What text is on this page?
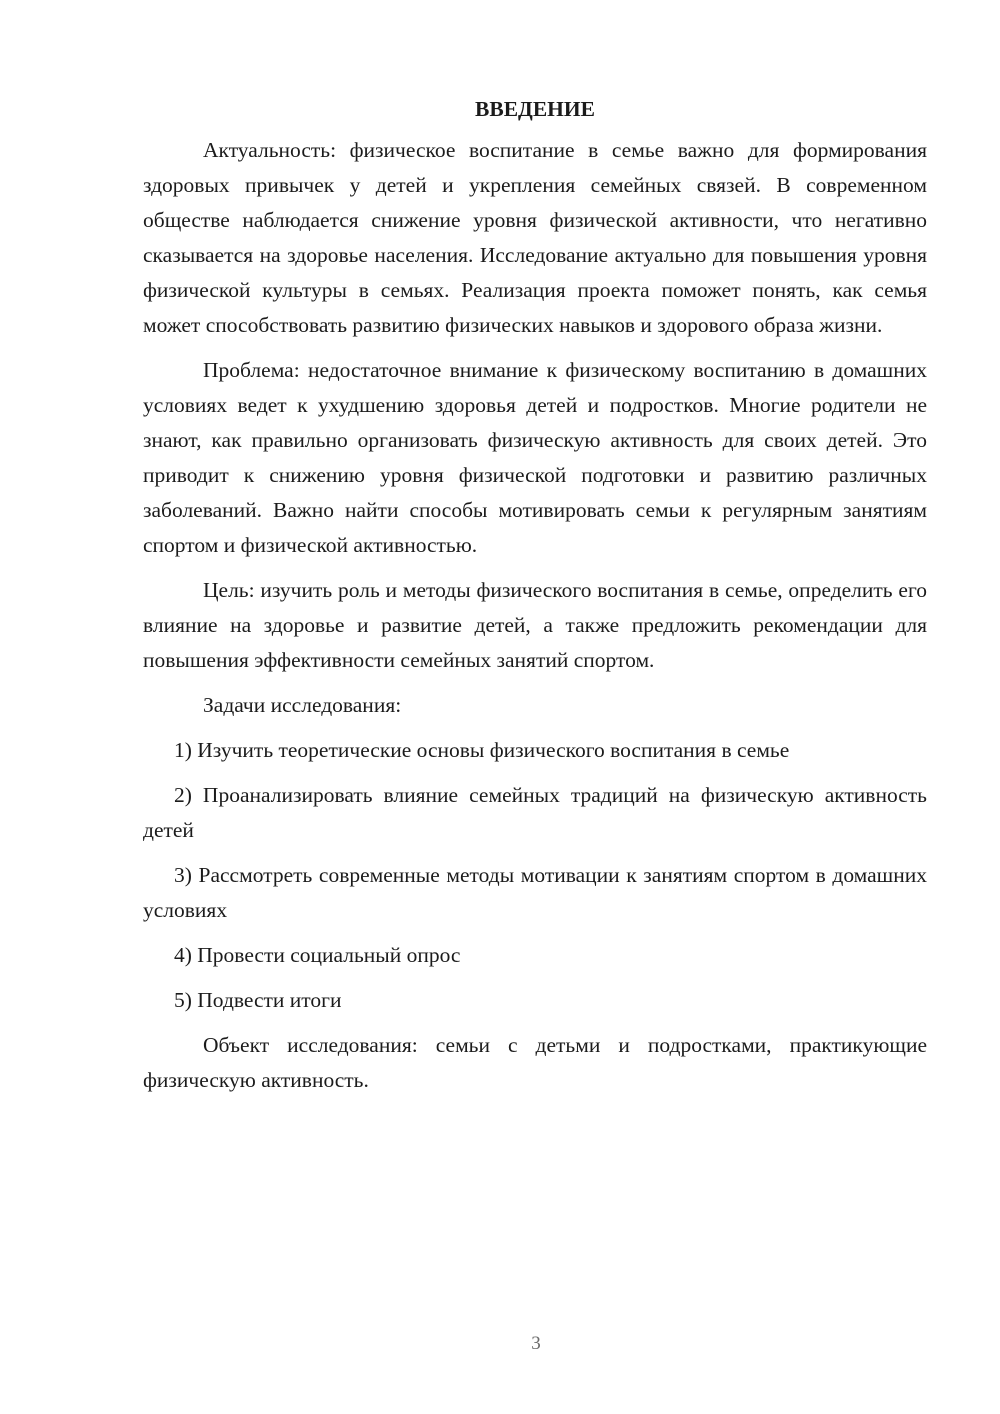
ВВЕДЕНИЕ

Актуальность: физическое воспитание в семье важно для формирования здоровых привычек у детей и укрепления семейных связей. В современном обществе наблюдается снижение уровня физической активности, что негативно сказывается на здоровье населения. Исследование актуально для повышения уровня физической культуры в семьях. Реализация проекта поможет понять, как семья может способствовать развитию физических навыков и здорового образа жизни.

Проблема: недостаточное внимание к физическому воспитанию в домашних условиях ведет к ухудшению здоровья детей и подростков. Многие родители не знают, как правильно организовать физическую активность для своих детей. Это приводит к снижению уровня физической подготовки и развитию различных заболеваний. Важно найти способы мотивировать семьи к регулярным занятиям спортом и физической активностью.

Цель: изучить роль и методы физического воспитания в семье, определить его влияние на здоровье и развитие детей, а также предложить рекомендации для повышения эффективности семейных занятий спортом.

Задачи исследования:

1) Изучить теоретические основы физического воспитания в семье

2) Проанализировать влияние семейных традиций на физическую активность детей

3) Рассмотреть современные методы мотивации к занятиям спортом в домашних условиях

4) Провести социальный опрос

5) Подвести итоги

Объект исследования: семьи с детьми и подростками, практикующие физическую активность.

3
